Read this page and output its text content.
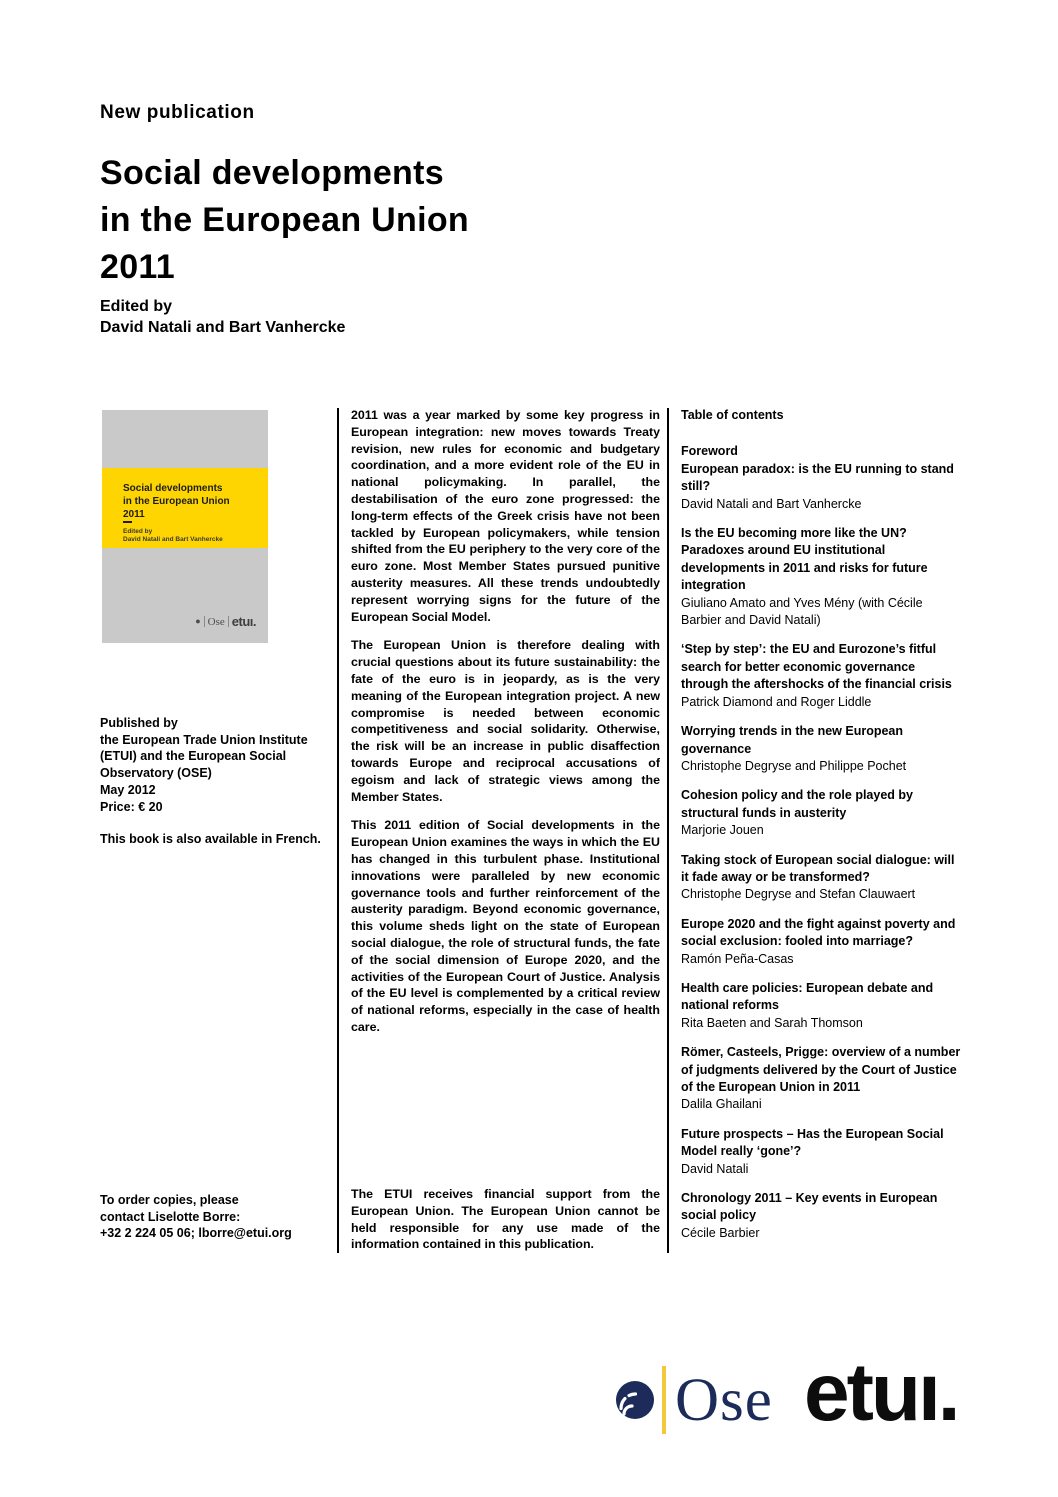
New publication
Social developments
in the European Union
2011
Edited by
David Natali and Bart Vanhercke
Social developments
in the European Union
2011
Edited by
David Natali and Bart Vanhercke
● Ose etuı.
Published by
the European Trade Union Institute
(ETUI) and the European Social
Observatory (OSE)
May 2012
Price: € 20
This book is also available in French.
To order copies, please
contact Liselotte Borre:
+32 2 224 05 06; lborre@etui.org

2011 was a year marked by some key progress in European integration: new moves towards Treaty revision, new rules for economic and budgetary coordination, and a more evident role of the EU in national policymaking. In parallel, the destabilisation of the euro zone progressed: the long-term effects of the Greek crisis have not been tackled by European policymakers, while tension shifted from the EU periphery to the very core of the euro zone. Most Member States pursued punitive austerity measures. All these trends undoubtedly represent worrying signs for the future of the European Social Model.

The European Union is therefore dealing with crucial questions about its future sustainability: the fate of the euro is in jeopardy, as is the very meaning of the European integration project. A new compromise is needed between economic competitiveness and social solidarity. Otherwise, the risk will be an increase in public disaffection towards Europe and reciprocal accusations of egoism and lack of strategic views among the Member States.

This 2011 edition of Social developments in the European Union examines the ways in which the EU has changed in this turbulent phase. Institutional innovations were paralleled by new economic governance tools and further reinforcement of the austerity paradigm. Beyond economic governance, this volume sheds light on the state of European social dialogue, the role of structural funds, the fate of the social dimension of Europe 2020, and the activities of the European Court of Justice. Analysis of the EU level is complemented by a critical review of national reforms, especially in the case of health care.

The ETUI receives financial support from the European Union. The European Union cannot be held responsible for any use made of the information contained in this publication.
Table of contents
Foreword
European paradox: is the EU running to stand still?
David Natali and Bart Vanhercke
Is the EU becoming more like the UN? Paradoxes around EU institutional developments in 2011 and risks for future integration
Giuliano Amato and Yves Mény (with Cécile Barbier and David Natali)
‘Step by step’: the EU and Eurozone’s fitful search for better economic governance through the aftershocks of the financial crisis
Patrick Diamond and Roger Liddle
Worrying trends in the new European governance
Christophe Degryse and Philippe Pochet
Cohesion policy and the role played by structural funds in austerity
Marjorie Jouen
Taking stock of European social dialogue: will it fade away or be transformed?
Christophe Degryse and Stefan Clauwaert
Europe 2020 and the fight against poverty and social exclusion: fooled into marriage?
Ramón Peña-Casas
Health care policies: European debate and national reforms
Rita Baeten and Sarah Thomson
Römer, Casteels, Prigge: overview of a number of judgments delivered by the Court of Justice of the European Union in 2011
Dalila Ghailani
Future prospects – Has the European Social Model really ‘gone’?
David Natali
Chronology 2011 – Key events in European social policy
Cécile Barbier
Ose etuı.
